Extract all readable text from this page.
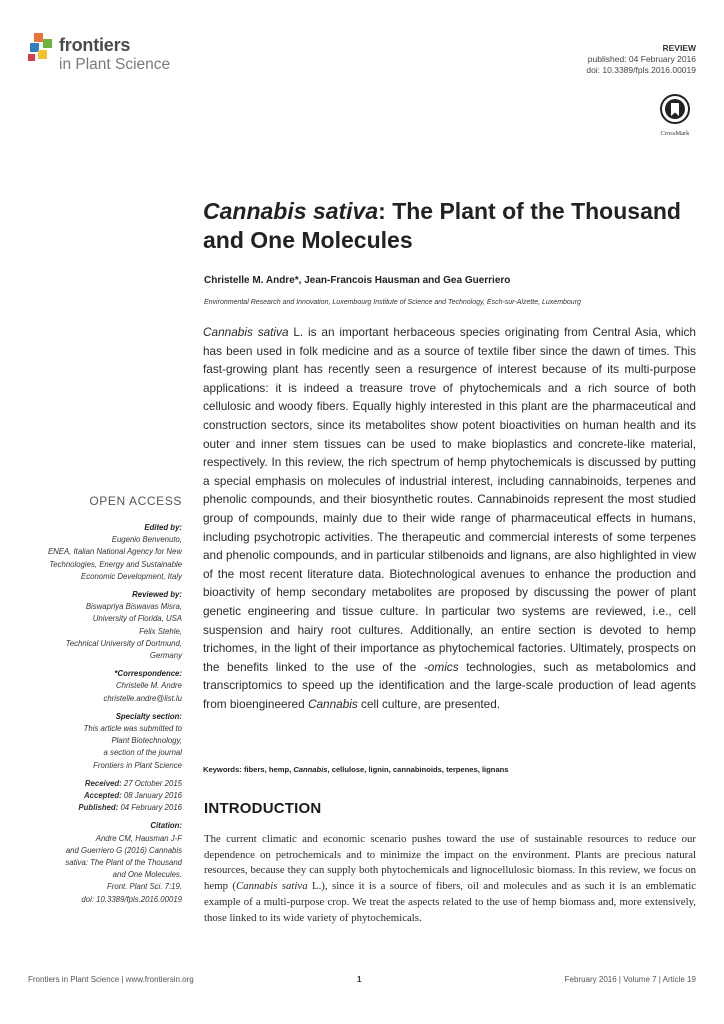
frontiers
in Plant Science
REVIEW
published: 04 February 2016
doi: 10.3389/fpls.2016.00019
CrossMark
Cannabis sativa: The Plant of the Thousand and One Molecules
Christelle M. Andre*, Jean-Francois Hausman and Gea Guerriero
Environmental Research and Innovation, Luxembourg Institute of Science and Technology, Esch-sur-Alzette, Luxembourg

Cannabis sativa L. is an important herbaceous species originating from Central Asia, which has been used in folk medicine and as a source of textile fiber since the dawn of times. This fast-growing plant has recently seen a resurgence of interest because of its multi-purpose applications: it is indeed a treasure trove of phytochemicals and a rich source of both cellulosic and woody fibers. Equally highly interested in this plant are the pharmaceutical and construction sectors, since its metabolites show potent bioactivities on human health and its outer and inner stem tissues can be used to make bioplastics and concrete-like material, respectively. In this review, the rich spectrum of hemp phytochemicals is discussed by putting a special emphasis on molecules of industrial interest, including cannabinoids, terpenes and phenolic compounds, and their biosynthetic routes. Cannabinoids represent the most studied group of compounds, mainly due to their wide range of pharmaceutical effects in humans, including psychotropic activities. The therapeutic and commercial interests of some terpenes and phenolic compounds, and in particular stilbenoids and lignans, are also highlighted in view of the most recent literature data. Biotechnological avenues to enhance the production and bioactivity of hemp secondary metabolites are proposed by discussing the power of plant genetic engineering and tissue culture. In particular two systems are reviewed, i.e., cell suspension and hairy root cultures. Additionally, an entire section is devoted to hemp trichomes, in the light of their importance as phytochemical factories. Ultimately, prospects on the benefits linked to the use of the -omics technologies, such as metabolomics and transcriptomics to speed up the identification and the large-scale production of lead agents from bioengineered Cannabis cell culture, are presented.

Keywords: fibers, hemp, Cannabis, cellulose, lignin, cannabinoids, terpenes, lignans
INTRODUCTION

The current climatic and economic scenario pushes toward the use of sustainable resources to reduce our dependence on petrochemicals and to minimize the impact on the environment. Plants are precious natural resources, because they can supply both phytochemicals and lignocellulosic biomass. In this review, we focus on hemp (Cannabis sativa L.), since it is a source of fibers, oil and molecules and as such it is an emblematic example of a multi-purpose crop. We treat the aspects related to the use of hemp biomass and, more extensively, those linked to its wide variety of phytochemicals.

OPEN ACCESS
Edited by:
Eugenio Benvenuto,
ENEA, Italian National Agency for New
Technologies, Energy and Sustainable
Economic Development, Italy
Reviewed by:
Biswapriya Biswavas Misra,
University of Florida, USA
Felix Stehle,
Technical University of Dortmund,
Germany
*Correspondence:
Christelle M. Andre
christelle.andre@list.lu
Specialty section:
This article was submitted to
Plant Biotechnology,
a section of the journal
Frontiers in Plant Science
Received: 27 October 2015
Accepted: 08 January 2016
Published: 04 February 2016
Citation:
Andre CM, Hausman J-F
and Guerriero G (2016) Cannabis
sativa: The Plant of the Thousand
and One Molecules.
Front. Plant Sci. 7:19.
doi: 10.3389/fpls.2016.00019
Frontiers in Plant Science | www.frontiersin.org	1	February 2016 | Volume 7 | Article 19
